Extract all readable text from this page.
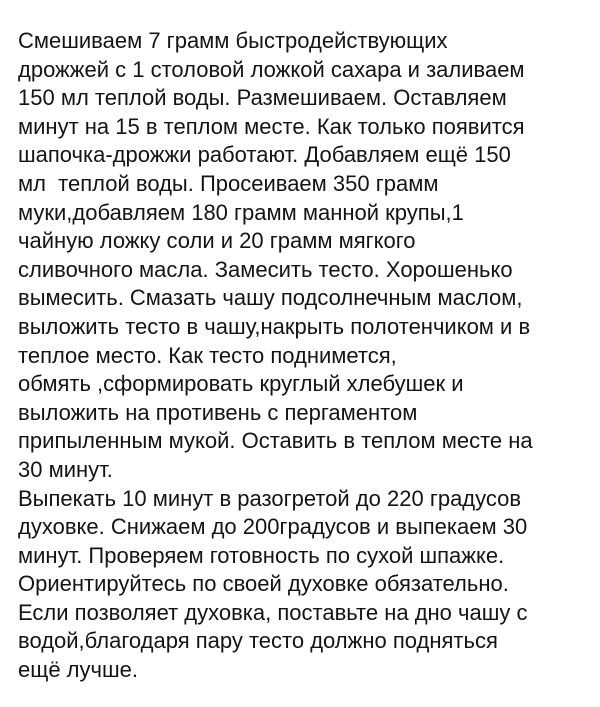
Смешиваем 7 грамм быстродействующих
дрожжей с 1 столовой ложкой сахара и заливаем
150 мл теплой воды. Размешиваем. Оставляем
минут на 15 в теплом месте. Как только появится
шапочка-дрожжи работают. Добавляем ещё 150
мл  теплой воды. Просеиваем 350 грамм
муки,добавляем 180 грамм манной крупы,1
чайную ложку соли и 20 грамм мягкого
сливочного масла. Замесить тесто. Хорошенько
вымесить. Смазать чашу подсолнечным маслом,
выложить тесто в чашу,накрыть полотенчиком и в
теплое место. Как тесто поднимется,
обмять ,сформировать круглый хлебушек и
выложить на противень с пергаментом
припыленным мукой. Оставить в теплом месте на
30 минут.
Выпекать 10 минут в разогретой до 220 градусов
духовке. Снижаем до 200градусов и выпекаем 30
минут. Проверяем готовность по сухой шпажке.
Ориентируйтесь по своей духовке обязательно.
Если позволяет духовка, поставьте на дно чашу с
водой,благодаря пару тесто должно подняться
ещё лучше.
